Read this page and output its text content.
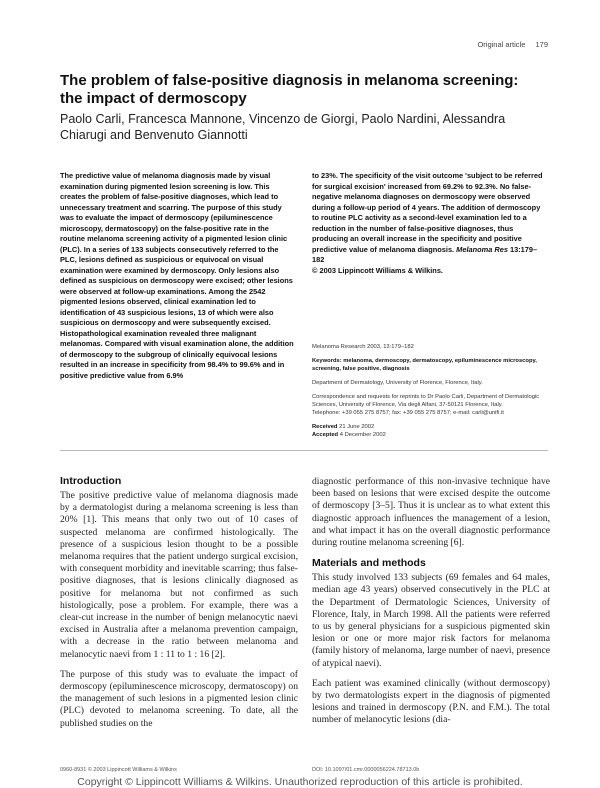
Original article 179
The problem of false-positive diagnosis in melanoma screening: the impact of dermoscopy

Paolo Carli, Francesca Mannone, Vincenzo de Giorgi, Paolo Nardini, Alessandra Chiarugi and Benvenuto Giannotti

The predictive value of melanoma diagnosis made by visual examination during pigmented lesion screening is low. This creates the problem of false-positive diagnoses, which lead to unnecessary treatment and scarring. The purpose of this study was to evaluate the impact of dermoscopy (epiluminescence microscopy, dermatoscopy) on the false-positive rate in the routine melanoma screening activity of a pigmented lesion clinic (PLC). In a series of 133 subjects consecutively referred to the PLC, lesions defined as suspicious or equivocal on visual examination were examined by dermoscopy. Only lesions also defined as suspicious on dermoscopy were excised; other lesions were observed at follow-up examinations. Among the 2542 pigmented lesions observed, clinical examination led to identification of 43 suspicious lesions, 13 of which were also suspicious on dermoscopy and were subsequently excised. Histopathological examination revealed three malignant melanomas. Compared with visual examination alone, the addition of dermoscopy to the subgroup of clinically equivocal lesions resulted in an increase in specificity from 98.4% to 99.6% and in positive predictive value from 6.9%

to 23%. The specificity of the visit outcome 'subject to be referred for surgical excision' increased from 69.2% to 92.3%. No false-negative melanoma diagnoses on dermoscopy were observed during a follow-up period of 4 years. The addition of dermoscopy to routine PLC activity as a second-level examination led to a reduction in the number of false-positive diagnoses, thus producing an overall increase in the specificity and positive predictive value of melanoma diagnosis. Melanoma Res 13:179–182
© 2003 Lippincott Williams & Wilkins.

Melanoma Research 2003, 13:179–182

Keywords: melanoma, dermoscopy, dermatoscopy, epiluminescence microscopy, screening, false positive, diagnosis

Department of Dermatology, University of Florence, Florence, Italy.

Correspondence and requests for reprints to Dr Paolo Carli, Department of Dermatologic Sciences, University of Florence, Via degli Alfani, 37-50121 Florence, Italy.
Telephone: +39 055 275 8757; fax: +39 055 275 8757; e-mail: carli@unifi.it

Received 21 June 2002
Accepted 4 December 2002

Introduction

The positive predictive value of melanoma diagnosis made by a dermatologist during a melanoma screening is less than 20% [1]. This means that only two out of 10 cases of suspected melanoma are confirmed histologically. The presence of a suspicious lesion thought to be a possible melanoma requires that the patient undergo surgical excision, with consequent morbidity and inevitable scarring; thus false-positive diagnoses, that is lesions clinically diagnosed as positive for melanoma but not confirmed as such histologically, pose a problem. For example, there was a clear-cut increase in the number of benign melanocytic naevi excised in Australia after a melanoma prevention campaign, with a decrease in the ratio between melanoma and melanocytic naevi from 1 : 11 to 1 : 16 [2].

The purpose of this study was to evaluate the impact of dermoscopy (epiluminescence microscopy, dermatoscopy) on the management of such lesions in a pigmented lesion clinic (PLC) devoted to melanoma screening. To date, all the published studies on the

diagnostic performance of this non-invasive technique have been based on lesions that were excised despite the outcome of dermoscopy [3–5]. Thus it is unclear as to what extent this diagnostic approach influences the management of a lesion, and what impact it has on the overall diagnostic performance during routine melanoma screening [6].

Materials and methods

This study involved 133 subjects (69 females and 64 males, median age 43 years) observed consecutively in the PLC at the Department of Dermatologic Sciences, University of Florence, Italy, in March 1998. All the patients were referred to us by general physicians for a suspicious pigmented skin lesion or one or more major risk factors for melanoma (family history of melanoma, large number of naevi, presence of atypical naevi).

Each patient was examined clinically (without dermoscopy) by two dermatologists expert in the diagnosis of pigmented lesions and trained in dermoscopy (P.N. and F.M.). The total number of melanocytic lesions (dia-

0960-8931 © 2003 Lippincott Williams & Wilkins	DOI: 10.1097/01.cmr.0000056224.78713.0b
Copyright © Lippincott Williams & Wilkins. Unauthorized reproduction of this article is prohibited.
